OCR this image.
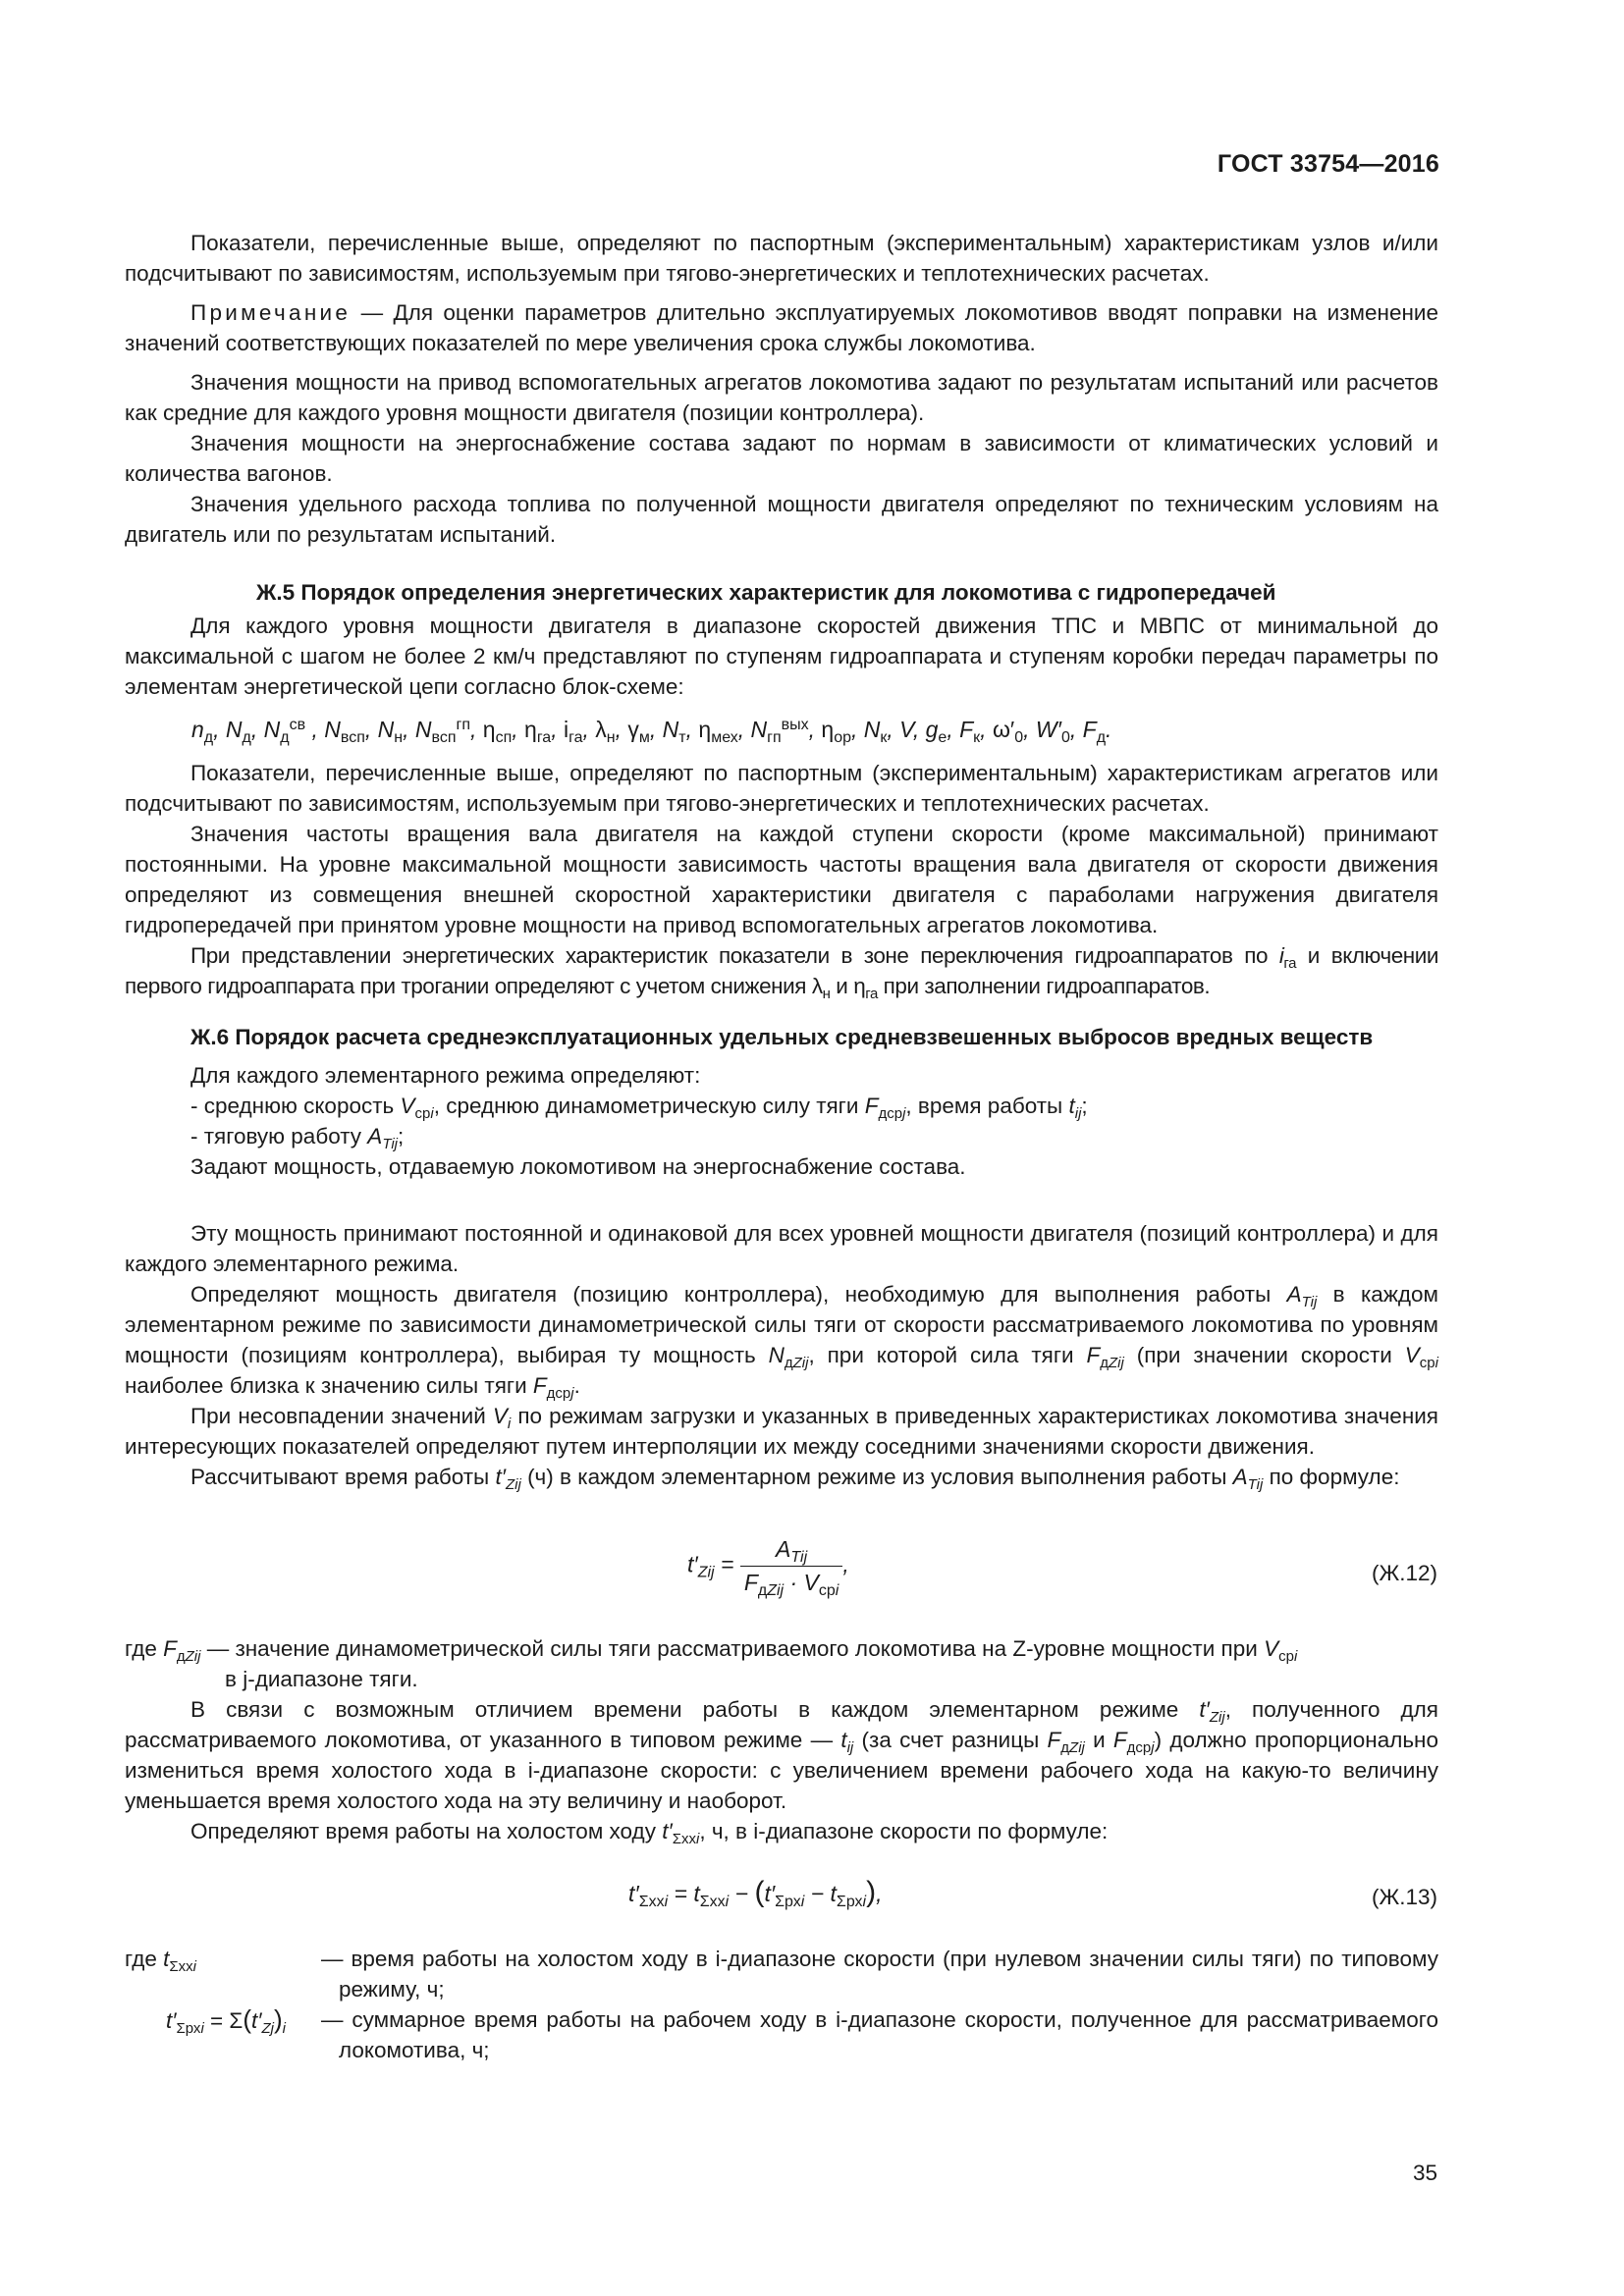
ГОСТ 33754—2016

Показатели, перечисленные выше, определяют по паспортным (экспериментальным) характеристикам узлов и/или подсчитывают по зависимостям, используемым при тягово-энергетических и теплотехнических расчетах.

Примечание — Для оценки параметров длительно эксплуатируемых локомотивов вводят поправки на изменение значений соответствующих показателей по мере увеличения срока службы локомотива.

Значения мощности на привод вспомогательных агрегатов локомотива задают по результатам испытаний или расчетов как средние для каждого уровня мощности двигателя (позиции контроллера).

Значения мощности на энергоснабжение состава задают по нормам в зависимости от климатических условий и количества вагонов.

Значения удельного расхода топлива по полученной мощности двигателя определяют по техническим условиям на двигатель или по результатам испытаний.

Ж.5 Порядок определения энергетических характеристик для локомотива с гидропередачей

Для каждого уровня мощности двигателя в диапазоне скоростей движения ТПС и МВПС от минимальной до максимальной с шагом не более 2 км/ч представляют по ступеням гидроаппарата и ступеням коробки передач параметры по элементам энергетической цепи согласно блок-схеме:

$n_д$, $N_д$, $N_д^{св}$ , $N_{всп}$, $N_н$, $N_{всп}^{гп}$, $\eta_{сп}$, $\eta_{га}$, $i_{га}$, $\lambda_н$, $\gamma_м$, $N_т$, $\eta_{мех}$, $N_{гп}^{вых}$, $\eta_{ор}$, $N_к$, V, $g_e$, $F_к$, $\omega'_0$, $W'_0$, $F_д$.

Показатели, перечисленные выше, определяют по паспортным (экспериментальным) характеристикам агрегатов или подсчитывают по зависимостям, используемым при тягово-энергетических и теплотехнических расчетах.

Значения частоты вращения вала двигателя на каждой ступени скорости (кроме максимальной) принимают постоянными. На уровне максимальной мощности зависимость частоты вращения вала двигателя от скорости движения определяют из совмещения внешней скоростной характеристики двигателя с параболами нагружения двигателя гидропередачей при принятом уровне мощности на привод вспомогательных агрегатов локомотива.

При представлении энергетических характеристик показатели в зоне переключения гидроаппаратов по $i_{га}$ и включении первого гидроаппарата при трогании определяют с учетом снижения $\lambda_н$ и $\eta_{га}$ при заполнении гидроаппаратов.

Ж.6 Порядок расчета среднеэксплуатационных удельных средневзвешенных выбросов вредных веществ

Для каждого элементарного режима определяют:
- среднюю скорость $V_{срi}$, среднюю динамометрическую силу тяги $F_{дсрj}$, время работы $t_{ij}$;
- тяговую работу $A_{Tij}$;
Задают мощность, отдаваемую локомотивом на энергоснабжение состава.

Эту мощность принимают постоянной и одинаковой для всех уровней мощности двигателя (позиций контроллера) и для каждого элементарного режима.

Определяют мощность двигателя (позицию контроллера), необходимую для выполнения работы $A_{Tij}$ в каждом элементарном режиме по зависимости динамометрической силы тяги от скорости рассматриваемого локомотива по уровням мощности (позициям контроллера), выбирая ту мощность $N_{дZij}$, при которой сила тяги $F_{дZij}$ (при значении скорости $V_{срi}$ наиболее близка к значению силы тяги $F_{дсрj}$.

При несовпадении значений $V_i$ по режимам загрузки и указанных в приведенных характеристиках локомотива значения интересующих показателей определяют путем интерполяции их между соседними значениями скорости движения.

Рассчитывают время работы $t'_{Zij}$ (ч) в каждом элементарном режиме из условия выполнения работы $A_{Tij}$ по формуле:

$t'_{Zij} = \frac{A_{Tij}}{F_{дZij} \cdot V_{срi}}$ ,	(Ж.12)
где $F_{дZij}$ — значение динамометрической силы тяги рассматриваемого локомотива на Z-уровне мощности при $V_{срi}$
в j-диапазоне тяги.

В связи с возможным отличием времени работы в каждом элементарном режиме $t'_{Zij}$, полученного для рассматриваемого локомотива, от указанного в типовом режиме — $t_{ij}$ (за счет разницы $F_{дZij}$ и $F_{дсрj}$) должно пропорционально измениться время холостого хода в i-диапазоне скорости: с увеличением времени рабочего хода на какую-то величину уменьшается время холостого хода на эту величину и наоборот.

Определяют время работы на холостом ходу $t'_{\Sigma ххi}$, ч, в i-диапазоне скорости по формуле:

$t'_{\Sigma ххi} = t_{\Sigma ххi} - (t'_{\Sigma рхi} - t_{\Sigma рхi})$,	(Ж.13)
где $t_{\Sigma ххi}$	— время работы на холостом ходу в i-диапазоне скорости (при нулевом значении силы тяги) по типовому режиму, ч;
$t'_{\Sigma рхi} = \Sigma(t'_{Zj})_i$ — суммарное время работы на рабочем ходу в i-диапазоне скорости, полученное для рассматриваемого локомотива, ч;
35
